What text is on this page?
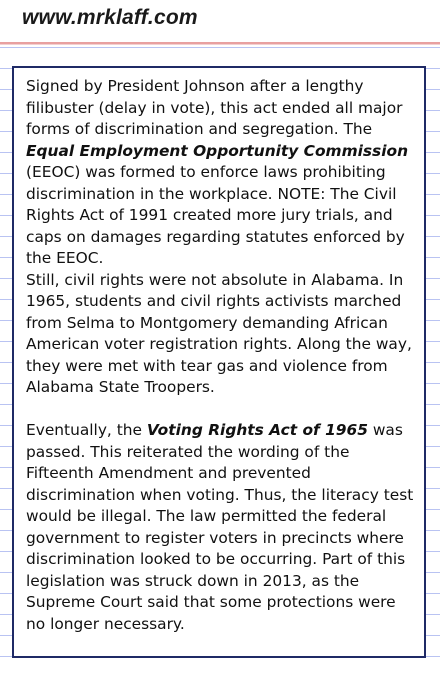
www.mrklaff.com

Signed by President Johnson after a lengthy filibuster (delay in vote), this act ended all major forms of discrimination and segregation. The Equal Employment Opportunity Commission (EEOC) was formed to enforce laws prohibiting discrimination in the workplace. NOTE: The Civil Rights Act of 1991 created more jury trials, and caps on damages regarding statutes enforced by the EEOC.

Still, civil rights were not absolute in Alabama. In 1965, students and civil rights activists marched from Selma to Montgomery demanding African American voter registration rights. Along the way, they were met with tear gas and violence from Alabama State Troopers.

Eventually, the Voting Rights Act of 1965 was passed. This reiterated the wording of the Fifteenth Amendment and prevented discrimination when voting. Thus, the literacy test would be illegal. The law permitted the federal government to register voters in precincts where discrimination looked to be occurring. Part of this legislation was struck down in 2013, as the Supreme Court said that some protections were no longer necessary.
